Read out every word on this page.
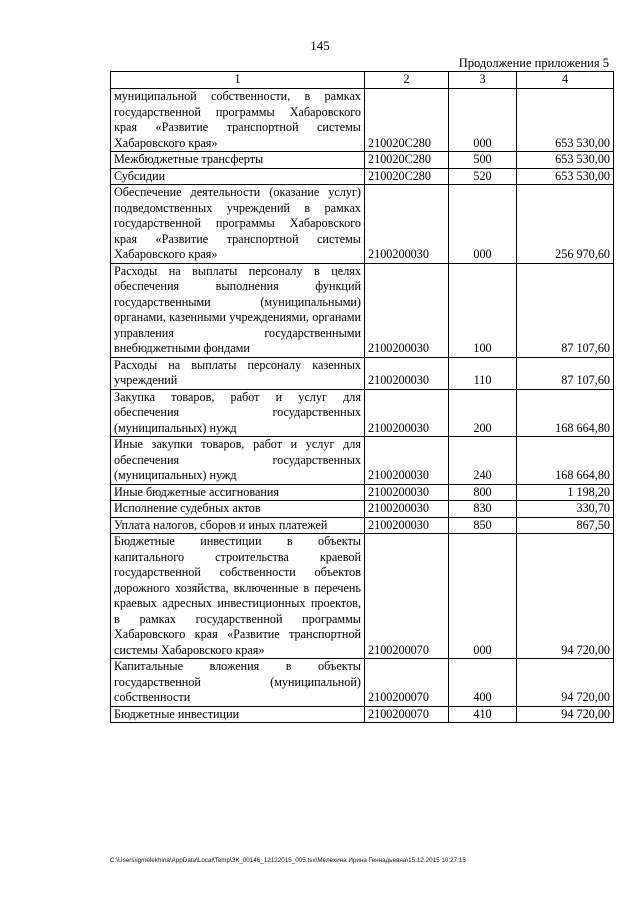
145
Продолжение приложения 5
1	2	3	4
муниципальной собственности, в рамках государственной программы Хабаровского края «Развитие транспортной системы Хабаровского края»	210020С280	000	653 530,00
Межбюджетные трансферты	210020С280	500	653 530,00
Субсидии	210020С280	520	653 530,00
Обеспечение деятельности (оказание услуг) подведомственных учреждений в рамках государственной программы Хабаровского края «Развитие транспортной системы Хабаровского края»	2100200030	000	256 970,60
Расходы на выплаты персоналу в целях обеспечения выполнения функций государственными (муниципальными) органами, казенными учреждениями, органами управления государственными внебюджетными фондами	2100200030	100	87 107,60
Расходы на выплаты персоналу казенных учреждений	2100200030	110	87 107,60
Закупка товаров, работ и услуг для обеспечения государственных (муниципальных) нужд	2100200030	200	168 664,80
Иные закупки товаров, работ и услуг для обеспечения государственных (муниципальных) нужд	2100200030	240	168 664,80
Иные бюджетные ассигнования	2100200030	800	1 198,20
Исполнение судебных актов	2100200030	830	330,70
Уплата налогов, сборов и иных платежей	2100200030	850	867,50
Бюджетные инвестиции в объекты капитального строительства краевой государственной собственности объектов дорожного хозяйства, включенные в перечень краевых адресных инвестиционных проектов, в рамках государственной программы Хабаровского края «Развитие транспортной системы Хабаровского края»	2100200070	000	94 720,00
Капитальные вложения в объекты государственной (муниципальной) собственности	2100200070	400	94 720,00
Бюджетные инвестиции	2100200070	410	94 720,00
C:\Users\igmelekhina\AppData\Local\Temp\ЗК_00146_12122015_005.tsx\Мелехина Ирина Геннадьевна\15.12.2015 10:27:15
